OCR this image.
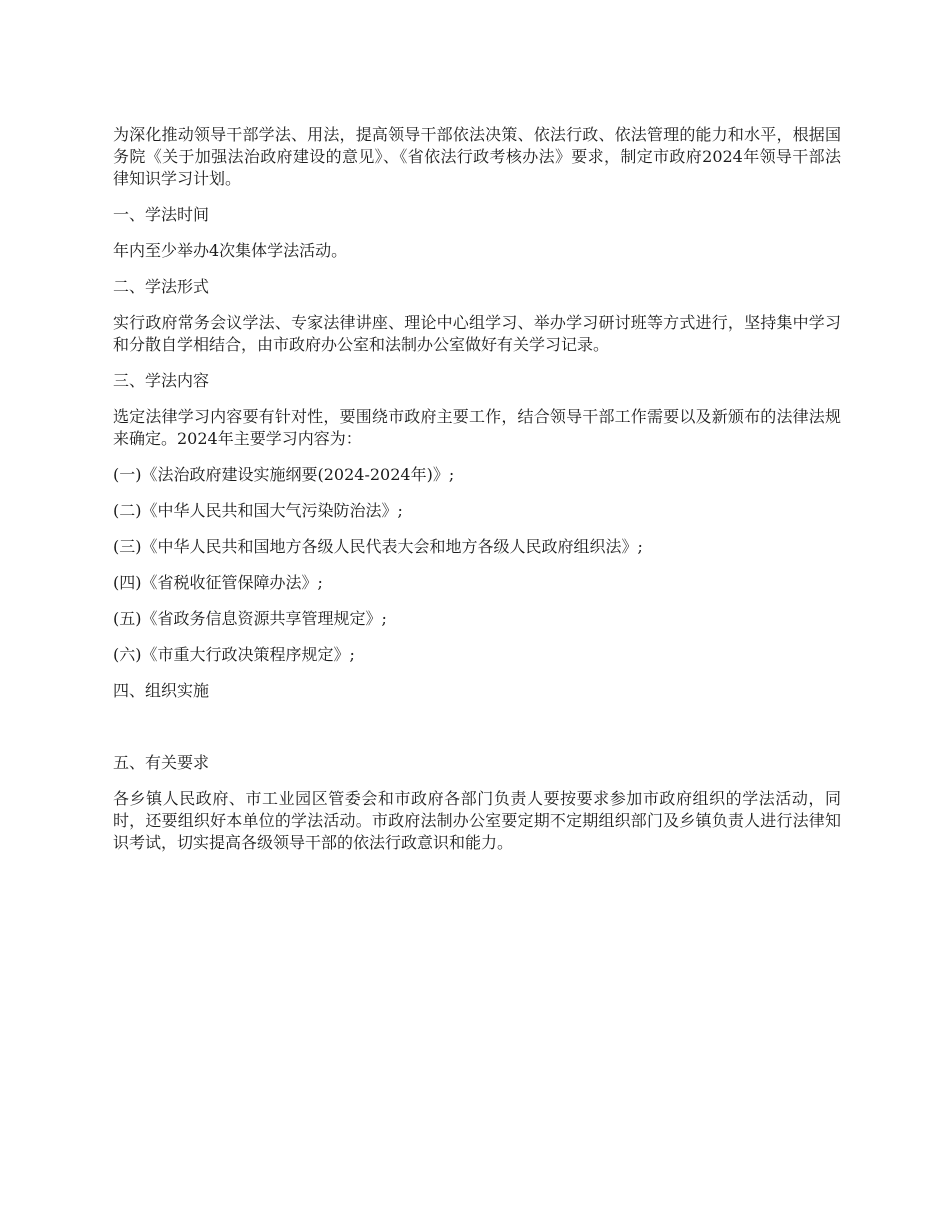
为深化推动领导干部学法、用法，提高领导干部依法决策、依法行政、依法管理的能力和水平，根据国务院《关于加强法治政府建设的意见》、《省依法行政考核办法》要求，制定市政府2024年领导干部法律知识学习计划。

一、学法时间

年内至少举办4次集体学法活动。

二、学法形式

实行政府常务会议学法、专家法律讲座、理论中心组学习、举办学习研讨班等方式进行，坚持集中学习和分散自学相结合，由市政府办公室和法制办公室做好有关学习记录。

三、学法内容

选定法律学习内容要有针对性，要围绕市政府主要工作，结合领导干部工作需要以及新颁布的法律法规来确定。2024年主要学习内容为：

(一)《法治政府建设实施纲要(2024-2024年)》;

(二)《中华人民共和国大气污染防治法》;

(三)《中华人民共和国地方各级人民代表大会和地方各级人民政府组织法》;

(四)《省税收征管保障办法》;

(五)《省政务信息资源共享管理规定》;

(六)《市重大行政决策程序规定》;

四、组织实施

五、有关要求

各乡镇人民政府、市工业园区管委会和市政府各部门负责人要按要求参加市政府组织的学法活动，同时，还要组织好本单位的学法活动。市政府法制办公室要定期不定期组织部门及乡镇负责人进行法律知识考试，切实提高各级领导干部的依法行政意识和能力。
